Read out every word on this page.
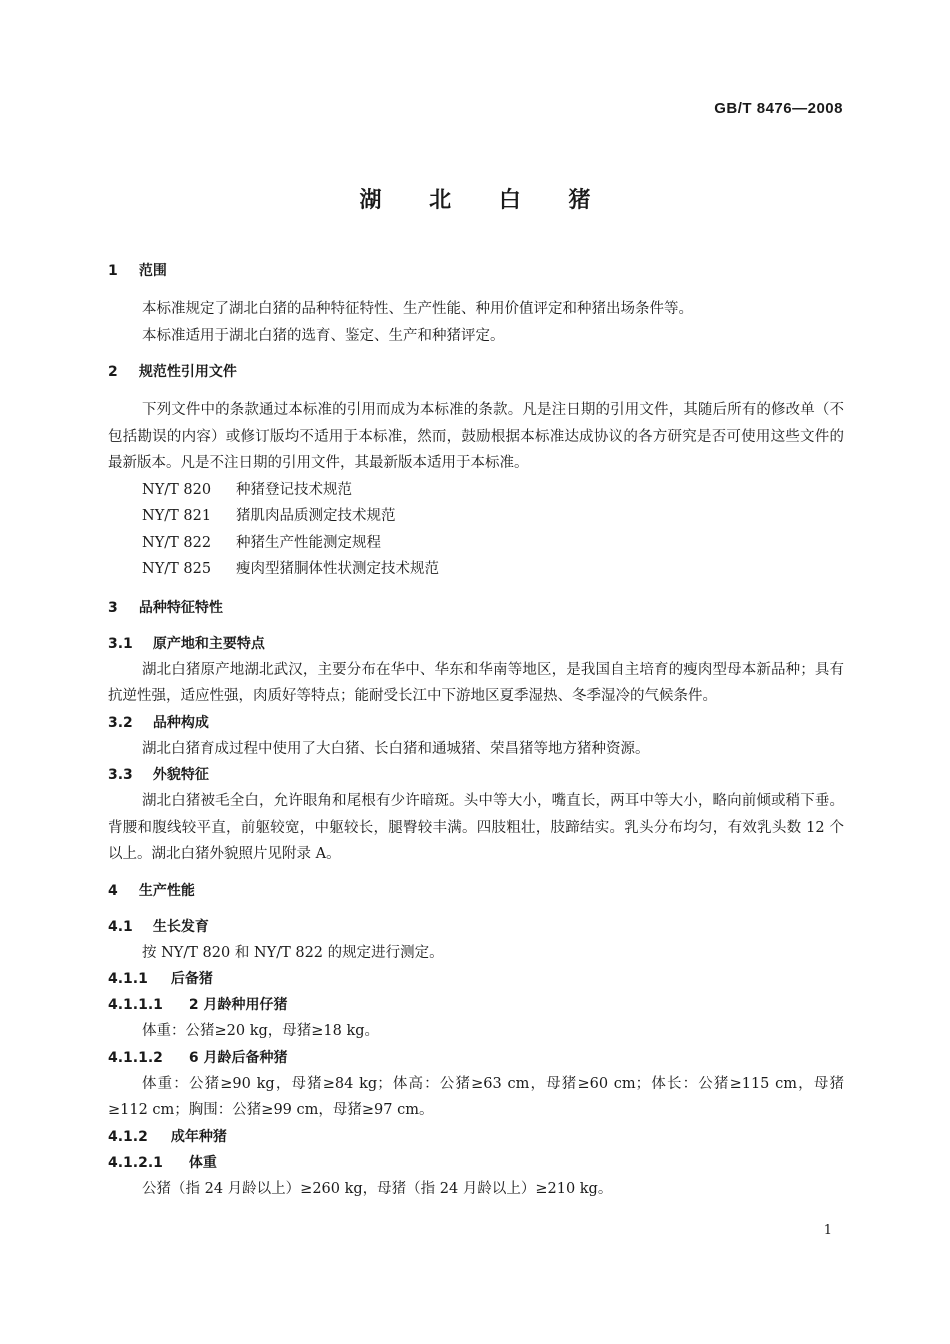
GB/T 8476—2008
湖 北 白 猪
1 范围

本标准规定了湖北白猪的品种特征特性、生产性能、种用价值评定和种猪出场条件等。

本标准适用于湖北白猪的选育、鉴定、生产和种猪评定。

2 规范性引用文件

下列文件中的条款通过本标准的引用而成为本标准的条款。凡是注日期的引用文件，其随后所有的修改单（不包括勘误的内容）或修订版均不适用于本标准，然而，鼓励根据本标准达成协议的各方研究是否可使用这些文件的最新版本。凡是不注日期的引用文件，其最新版本适用于本标准。

NY/T 820 种猪登记技术规范
NY/T 821 猪肌肉品质测定技术规范
NY/T 822 种猪生产性能测定规程
NY/T 825 瘦肉型猪胴体性状测定技术规范
3 品种特征特性
3.1 原产地和主要特点

湖北白猪原产地湖北武汉，主要分布在华中、华东和华南等地区，是我国自主培育的瘦肉型母本新品种；具有抗逆性强，适应性强，肉质好等特点；能耐受长江中下游地区夏季湿热、冬季湿冷的气候条件。

3.2 品种构成

湖北白猪育成过程中使用了大白猪、长白猪和通城猪、荣昌猪等地方猪种资源。

3.3 外貌特征

湖北白猪被毛全白，允许眼角和尾根有少许暗斑。头中等大小，嘴直长，两耳中等大小，略向前倾或稍下垂。背腰和腹线较平直，前躯较宽，中躯较长，腿臀较丰满。四肢粗壮，肢蹄结实。乳头分布均匀，有效乳头数 12 个以上。湖北白猪外貌照片见附录 A。

4 生产性能
4.1 生长发育

按 NY/T 820 和 NY/T 822 的规定进行测定。

4.1.1 后备猪
4.1.1.1 2 月龄种用仔猪

体重：公猪≥20 kg，母猪≥18 kg。

4.1.1.2 6 月龄后备种猪

体重：公猪≥90 kg，母猪≥84 kg；体高：公猪≥63 cm，母猪≥60 cm；体长：公猪≥115 cm，母猪≥112 cm；胸围：公猪≥99 cm，母猪≥97 cm。

4.1.2 成年种猪
4.1.2.1 体重

公猪（指 24 月龄以上）≥260 kg，母猪（指 24 月龄以上）≥210 kg。

1
